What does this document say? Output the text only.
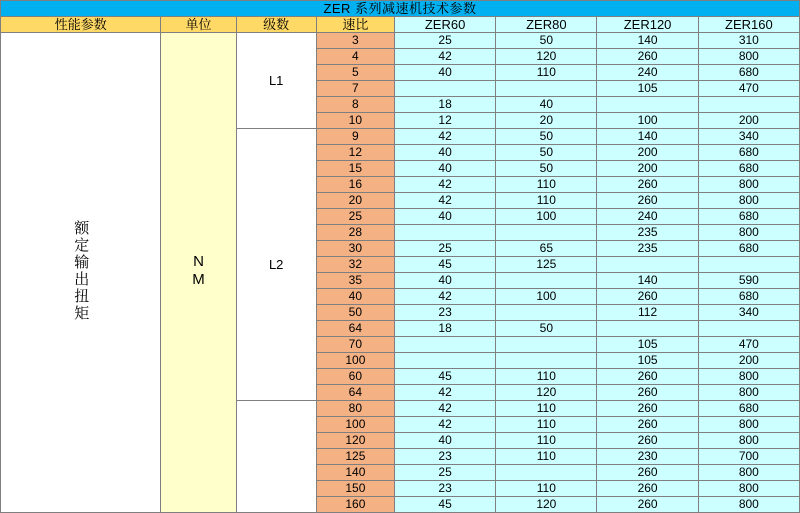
ZER 系列减速机技术参数							
性能参数	单位	级数	速比	ZER60	ZER80	ZER120	ZER160
额定输出扭矩	NM	L1	3	25	50	140	310
			4	42	120	260	800
			5	40	110	240	680
			7			105	470
			8	18	40		
			10	12	20	100	200
		L2	9	42	50	140	340
			12	40	50	200	680
			15	40	50	200	680
			16	42	110	260	800
			20	42	110	260	800
			25	40	100	240	680
			28			235	800
			30	25	65	235	680
			32	45	125		
			35	40		140	590
			40	42	100	260	680
			50	23		112	340
			64	18	50		
			70			105	470
			100			105	200
			60	45	110	260	800
			64	42	120	260	800
			80	42	110	260	680
			100	42	110	260	800
			120	40	110	260	800
			125	23	110	230	700
			140	25		260	800
			150	23	110	260	800
			160	45	120	260	800
